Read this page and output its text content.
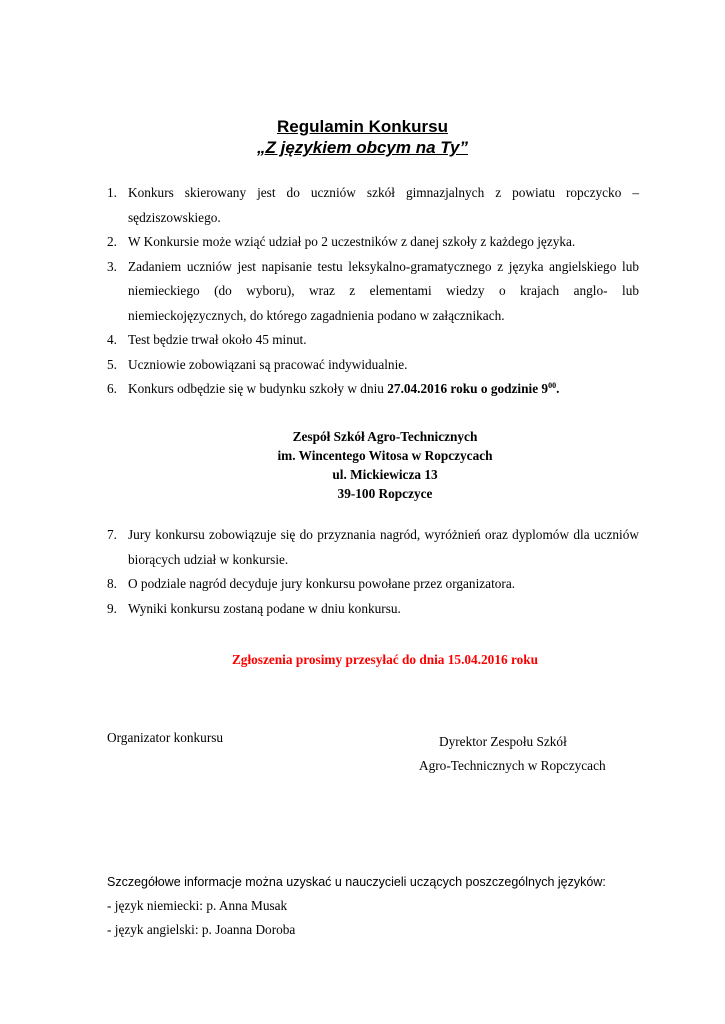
Regulamin Konkursu
„Z językiem obcym na Ty”
1. Konkurs skierowany jest do uczniów szkół gimnazjalnych z powiatu ropczycko – sędziszowskiego.
2. W Konkursie może wziąć udział po 2 uczestników z danej szkoły z każdego języka.
3. Zadaniem uczniów jest napisanie testu leksykalno-gramatycznego z języka angielskiego lub niemieckiego (do wyboru), wraz z elementami wiedzy o krajach anglo- lub niemieckojęzycznych, do którego zagadnienia podano w załącznikach.
4. Test będzie trwał około 45 minut.
5. Uczniowie zobowiązani są pracować indywidualnie.
6. Konkurs odbędzie się w budynku szkoły w dniu 27.04.2016 roku o godzinie $9^{00}$.
Zespół Szkół Agro-Technicznych
im. Wincentego Witosa w Ropczycach
ul. Mickiewicza 13
39-100 Ropczyce
7. Jury konkursu zobowiązuje się do przyznania nagród, wyróżnień oraz dyplomów dla uczniów biorących udział w konkursie.
8. O podziale nagród decyduje jury konkursu powołane przez organizatora.
9. Wyniki konkursu zostaną podane w dniu konkursu.
Zgłoszenia prosimy przesyłać do dnia 15.04.2016 roku
Organizator konkursu	Dyrektor Zespołu Szkół
Agro-Technicznych w Ropczycach
Szczegółowe informacje można uzyskać u nauczycieli uczących poszczególnych języków:
- język niemiecki: p. Anna Musak
- język angielski: p. Joanna Doroba
